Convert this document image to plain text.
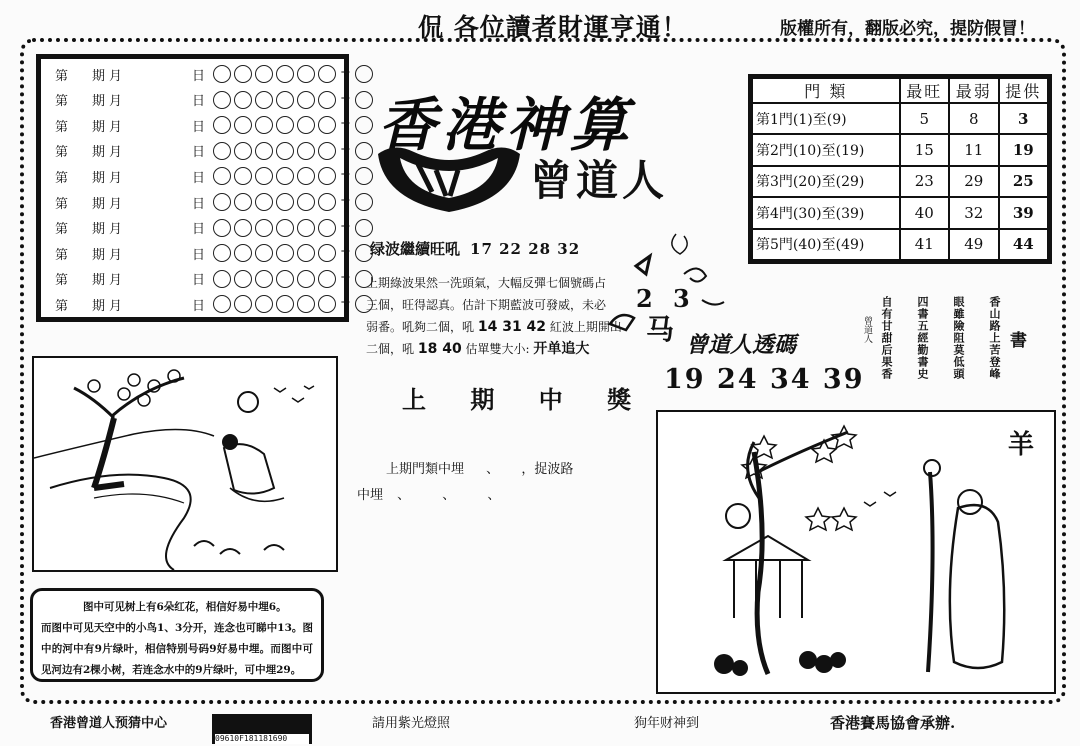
侃 各位讀者財運亨通！	版權所有，翻版必究，提防假冒！
第 期 月	日	+
第 期 月	日	+
第 期 月	日	+
第 期 月	日	+
第 期 月	日	+
第 期 月	日	+
第 期 月	日	+
第 期 月	日	+
第 期 月	日	+
第 期 月	日	+
香港神算
曾道人
門 類	最旺	最弱	提供
第1門(1)至(9)	5	8	3
第2門(10)至(19)	15	11	19
第3門(20)至(29)	23	29	25
第4門(30)至(39)	40	32	39
第5門(40)至(49)	41	49	44
绿波繼續旺吼 17 22 28 32
上期綠波果然一洗頭氣，大幅反彈七個號碼占
三個，旺得認真。估計下期藍波可發威，未必
弱番。吼夠二個，吼 14 31 42 紅波上期開出
二個，吼 18 40 估單雙大小: 开单追大
上 期 中 獎
上期門類中埋 、 ，捉波路
中埋 、 、 、
2 3
马 曾道人透碼
19 24 34 39
書
香山路上苦登峰
眼雖險阻莫低頭
四書五經勤書史
自有甘甜后果香
曾道人

图中可见树上有6朵红花，相信好易中埋6。

而图中可见天空中的小鸟1、3分开，连念也可睇中13。图中的河中有9片绿叶，相信特别号码9好易中埋。而图中可见河边有2棵小树，若连念水中的9片绿叶，可中埋29。

羊
香港曾道人预猜中心
09610F181181690
請用紫光燈照	狗年财神到	香港賽馬協會承辦.
